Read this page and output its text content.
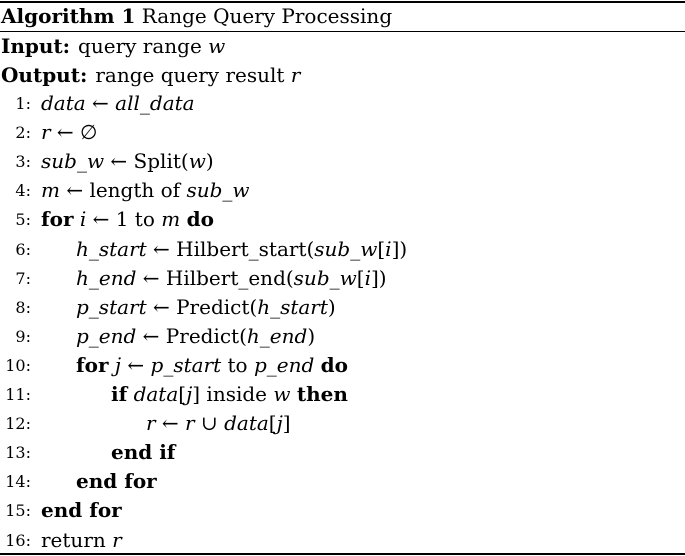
Algorithm 1 Range Query Processing
Input: query range w
Output: range query result r
1: data ← all_data
2: r ← ∅
3: sub_w ← Split(w)
4: m ← length of sub_w
5: for i ← 1 to m do
6: h_start ← Hilbert_start(sub_w[i])
7: h_end ← Hilbert_end(sub_w[i])
8: p_start ← Predict(h_start)
9: p_end ← Predict(h_end)
10: for j ← p_start to p_end do
11:	if data[j] inside w then
12:	r ← r ∪ data[j]
13:	end if
14: end for
15: end for
16: return r
